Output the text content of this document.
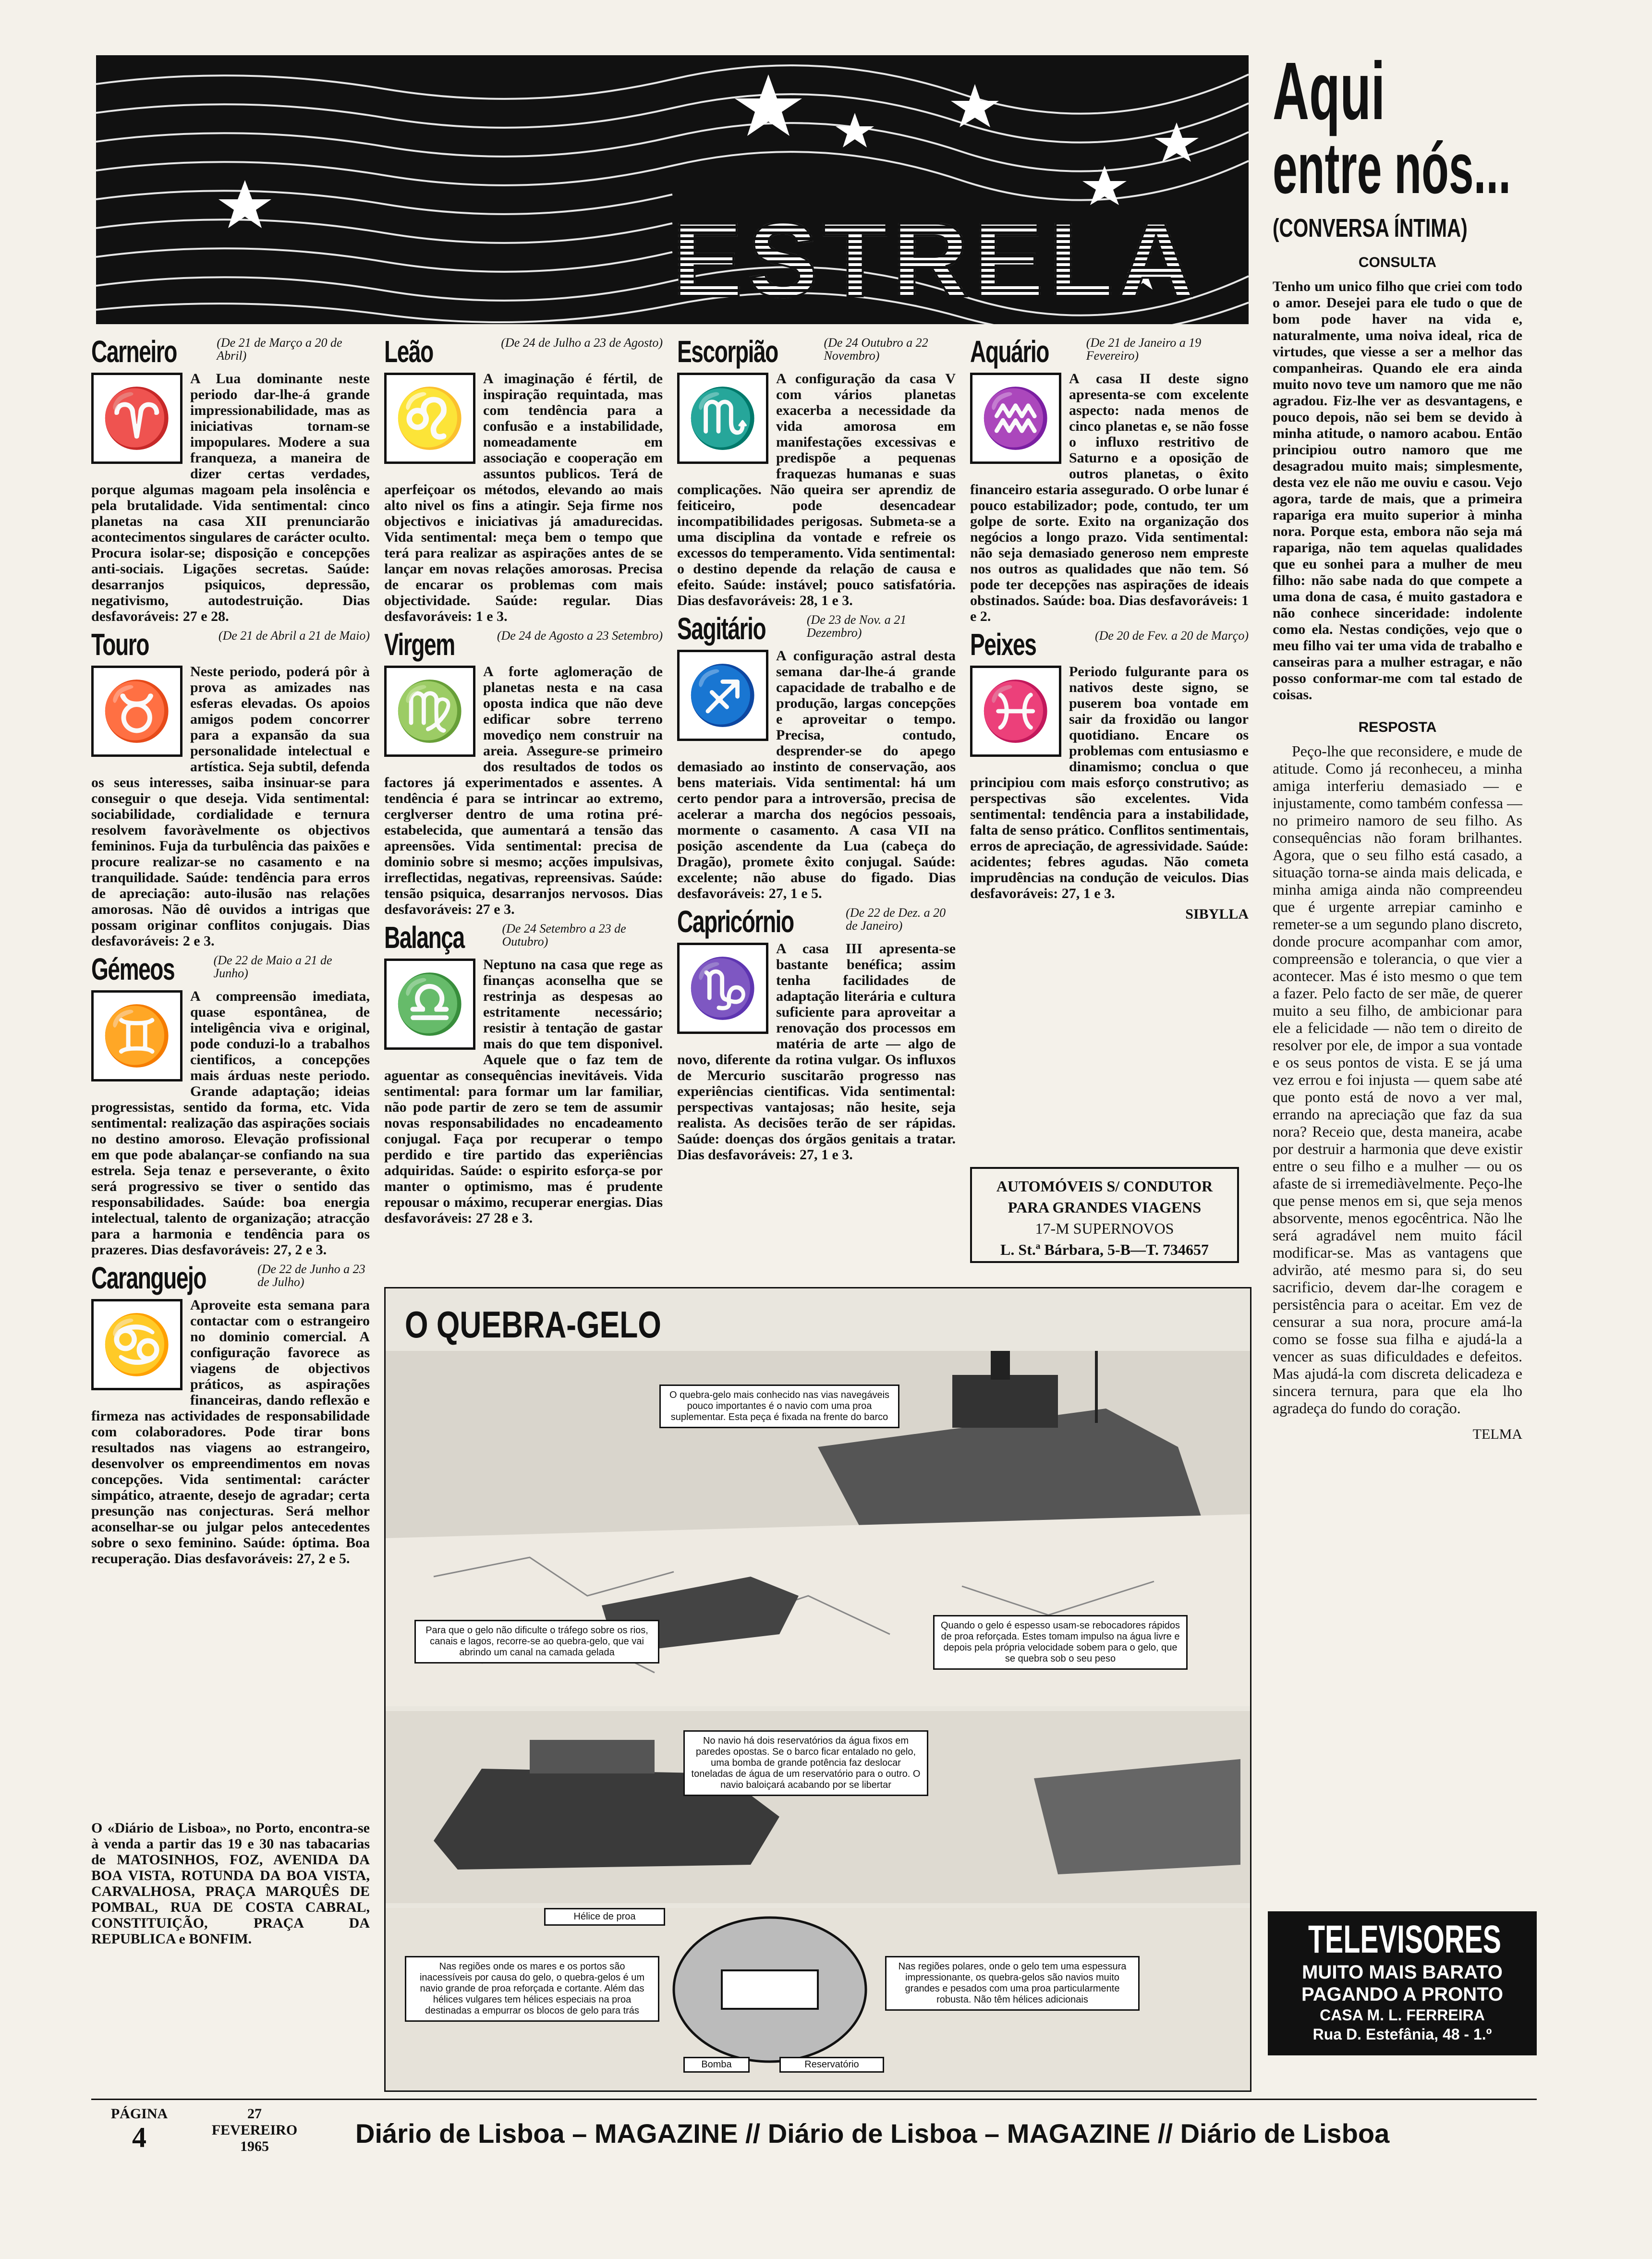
ESTRELA
Aqui
entre nós...
(CONVERSA ÍNTIMA)
CONSULTA
Tenho um unico filho que criei com todo o amor. Desejei para ele tudo o que de bom pode haver na vida e, naturalmente, uma noiva ideal, rica de virtudes, que viesse a ser a melhor das companheiras. Quando ele era ainda muito novo teve um namoro que me não agradou. Fiz-lhe ver as desvantagens, e pouco depois, não sei bem se devido à minha atitude, o namoro acabou. Então principiou outro namoro que me desagradou muito mais; simplesmente, desta vez ele não me ouviu e casou. Vejo agora, tarde de mais, que a primeira rapariga era muito superior à minha nora. Porque esta, embora não seja má rapariga, não tem aquelas qualidades que eu sonhei para a mulher de meu filho: não sabe nada do que compete a uma dona de casa, é muito gastadora e não conhece sinceridade: indolente como ela. Nestas condições, vejo que o meu filho vai ter uma vida de trabalho e canseiras para a mulher estragar, e não posso conformar-me com tal estado de coisas.
RESPOSTA
Peço-lhe que reconsidere, e mude de atitude. Como já reconheceu, a minha amiga interferiu demasiado — e injustamente, como também confessa — no primeiro namoro de seu filho. As consequências não foram brilhantes. Agora, que o seu filho está casado, a situação torna-se ainda mais delicada, e minha amiga ainda não compreendeu que é urgente arrepiar caminho e remeter-se a um segundo plano discreto, donde procure acompanhar com amor, compreensão e tolerancia, o que vier a acontecer. Mas é isto mesmo o que tem a fazer. Pelo facto de ser mãe, de querer muito a seu filho, de ambicionar para ele a felicidade — não tem o direito de resolver por ele, de impor a sua vontade e os seus pontos de vista. E se já uma vez errou e foi injusta — quem sabe até que ponto está de novo a ver mal, errando na apreciação que faz da sua nora? Receio que, desta maneira, acabe por destruir a harmonia que deve existir entre o seu filho e a mulher — ou os afaste de si irremediàvelmente. Peço-lhe que pense menos em si, que seja menos absorvente, menos egocêntrica. Não lhe será agradável nem muito fácil modificar-se. Mas as vantagens que advirão, até mesmo para si, do seu sacrificio, devem dar-lhe coragem e persistência para o aceitar. Em vez de censurar a sua nora, procure amá-la como se fosse sua filha e ajudá-la a vencer as suas dificuldades e defeitos. Mas ajudá-la com discreta delicadeza e sincera ternura, para que ela lho agradeça do fundo do coração.
TELMA
Carneiro	(De 21 de Março a 20 de Abril)
♈
A Lua dominante neste periodo dar-lhe-á grande impressionabilidade, mas as iniciativas tornam-se impopulares. Modere a sua franqueza, a maneira de dizer certas verdades, porque algumas magoam pela insolência e pela brutalidade. Vida sentimental: cinco planetas na casa XII prenunciarão acontecimentos singulares de carácter oculto. Procura isolar-se; disposição e concepções anti-sociais. Ligações secretas. Saúde: desarranjos psiquicos, depressão, negativismo, autodestruição. Dias desfavoráveis: 27 e 28.
Touro	(De 21 de Abril a 21 de Maio)
♉
Neste periodo, poderá pôr à prova as amizades nas esferas elevadas. Os apoios amigos podem concorrer para a expansão da sua personalidade intelectual e artística. Seja subtil, defenda os seus interesses, saiba insinuar-se para conseguir o que deseja. Vida sentimental: sociabilidade, cordialidade e ternura resolvem favoràvelmente os objectivos femininos. Fuja da turbulência das paixões e procure realizar-se no casamento e na tranquilidade. Saúde: tendência para erros de apreciação: auto-ilusão nas relações amorosas. Não dê ouvidos a intrigas que possam originar conflitos conjugais. Dias desfavoráveis: 2 e 3.
Gémeos	(De 22 de Maio a 21 de Junho)
♊
A compreensão imediata, quase espontânea, de inteligência viva e original, pode conduzi-lo a trabalhos cientificos, a concepções mais árduas neste periodo. Grande adaptação; ideias progressistas, sentido da forma, etc. Vida sentimental: realização das aspirações sociais no destino amoroso. Elevação profissional em que pode abalançar-se confiando na sua estrela. Seja tenaz e perseverante, o êxito será progressivo se tiver o sentido das responsabilidades. Saúde: boa energia intelectual, talento de organização; atracção para a harmonia e tendência para os prazeres. Dias desfavoráveis: 27, 2 e 3.
Caranguejo	(De 22 de Junho a 23 de Julho)
♋
Aproveite esta semana para contactar com o estrangeiro no dominio comercial. A configuração favorece as viagens de objectivos práticos, as aspirações financeiras, dando reflexão e firmeza nas actividades de responsabilidade com colaboradores. Pode tirar bons resultados nas viagens ao estrangeiro, desenvolver os empreendimentos em novas concepções. Vida sentimental: carácter simpático, atraente, desejo de agradar; certa presunção nas conjecturas. Será melhor aconselhar-se ou julgar pelos antecedentes sobre o sexo feminino. Saúde: óptima. Boa recuperação. Dias desfavoráveis: 27, 2 e 5.
Leão	(De 24 de Julho a 23 de Agosto)
♌
A imaginação é fértil, de inspiração requintada, mas com tendência para a confusão e a instabilidade, nomeadamente em associação e cooperação em assuntos publicos. Terá de aperfeiçoar os métodos, elevando ao mais alto nivel os fins a atingir. Seja firme nos objectivos e iniciativas já amadurecidas. Vida sentimental: meça bem o tempo que terá para realizar as aspirações antes de se lançar em novas relações amorosas. Precisa de encarar os problemas com mais objectividade. Saúde: regular. Dias desfavoráveis: 1 e 3.
Virgem	(De 24 de Agosto a 23 Setembro)
♍
A forte aglomeração de planetas nesta e na casa oposta indica que não deve edificar sobre terreno movediço nem construir na areia. Assegure-se primeiro dos resultados de todos os factores já experimentados e assentes. A tendência é para se intrincar ao extremo, cerglverser dentro de uma rotina pré-estabelecida, que aumentará a tensão das apreensões. Vida sentimental: precisa de dominio sobre si mesmo; acções impulsivas, irreflectidas, negativas, repreensivas. Saúde: tensão psiquica, desarranjos nervosos. Dias desfavoráveis: 27 e 3.
Balança	(De 24 Setembro a 23 de Outubro)
♎
Neptuno na casa que rege as finanças aconselha que se restrinja as despesas ao estritamente necessário; resistir à tentação de gastar mais do que tem disponivel. Aquele que o faz tem de aguentar as consequências inevitáveis. Vida sentimental: para formar um lar familiar, não pode partir de zero se tem de assumir novas responsabilidades no encadeamento conjugal. Faça por recuperar o tempo perdido e tire partido das experiências adquiridas. Saúde: o espirito esforça-se por manter o optimismo, mas é prudente repousar o máximo, recuperar energias. Dias desfavoráveis: 27 28 e 3.
Escorpião	(De 24 Outubro a 22 Novembro)
♏
A configuração da casa V com vários planetas exacerba a necessidade da vida amorosa em manifestações excessivas e predispõe a pequenas fraquezas humanas e suas complicações. Não queira ser aprendiz de feiticeiro, pode desencadear incompatibilidades perigosas. Submeta-se a uma disciplina da vontade e refreie os excessos do temperamento. Vida sentimental: o destino depende da relação de causa e efeito. Saúde: instável; pouco satisfatória. Dias desfavoráveis: 28, 1 e 3.
Sagitário	(De 23 de Nov. a 21 Dezembro)
♐
A configuração astral desta semana dar-lhe-á grande capacidade de trabalho e de produção, largas concepções e aproveitar o tempo. Precisa, contudo, desprender-se do apego demasiado ao instinto de conservação, aos bens materiais. Vida sentimental: há um certo pendor para a introversão, precisa de acelerar a marcha dos negócios pessoais, mormente o casamento. A casa VII na posição ascendente da Lua (cabeça do Dragão), promete êxito conjugal. Saúde: excelente; não abuse do figado. Dias desfavoráveis: 27, 1 e 5.
Capricórnio	(De 22 de Dez. a 20 de Janeiro)
♑
A casa III apresenta-se bastante benéfica; assim tenha facilidades de adaptação literária e cultura suficiente para aproveitar a renovação dos processos em matéria de arte — algo de novo, diferente da rotina vulgar. Os influxos de Mercurio suscitarão progresso nas experiências cientificas. Vida sentimental: perspectivas vantajosas; não hesite, seja realista. As decisões terão de ser rápidas. Saúde: doenças dos órgãos genitais a tratar. Dias desfavoráveis: 27, 1 e 3.
Aquário	(De 21 de Janeiro a 19 Fevereiro)
♒
A casa II deste signo apresenta-se com excelente aspecto: nada menos de cinco planetas e, se não fosse o influxo restritivo de Saturno e a oposição de outros planetas, o êxito financeiro estaria assegurado. O orbe lunar é pouco estabilizador; pode, contudo, ter um golpe de sorte. Exito na organização dos negócios a longo prazo. Vida sentimental: não seja demasiado generoso nem empreste nos outros as qualidades que não tem. Só pode ter decepções nas aspirações de ideais obstinados. Saúde: boa. Dias desfavoráveis: 1 e 2.
Peixes	(De 20 de Fev. a 20 de Março)
♓
Periodo fulgurante para os nativos deste signo, se puserem boa vontade em sair da froxidão ou langor quotidiano. Encare os problemas com entusiasmo e dinamismo; conclua o que principiou com mais esforço construtivo; as perspectivas são excelentes. Vida sentimental: tendência para a instabilidade, falta de senso prático. Conflitos sentimentais, erros de apreciação, de agressividade. Saúde: acidentes; febres agudas. Não cometa imprudências na condução de veiculos. Dias desfavoráveis: 27, 1 e 3.
SIBYLLA
AUTOMÓVEIS S/ CONDUTOR
PARA GRANDES VIAGENS
17-M SUPERNOVOS
L. St.ª Bárbara, 5-B—T. 734657
O «Diário de Lisboa», no Porto, encontra-se à venda a partir das 19 e 30 nas tabacarias de MATOSINHOS, FOZ, AVENIDA DA BOA VISTA, ROTUNDA DA BOA VISTA, CARVALHOSA, PRAÇA MARQUÊS DE POMBAL, RUA DE COSTA CABRAL, CONSTITUIÇÃO, PRAÇA DA REPUBLICA e BONFIM.
O QUEBRA-GELO
O quebra-gelo mais conhecido nas vias navegáveis pouco importantes é o navio com uma proa suplementar. Esta peça é fixada na frente do barco
Para que o gelo não dificulte o tráfego sobre os rios, canais e lagos, recorre-se ao quebra-gelo, que vai abrindo um canal na camada gelada
Quando o gelo é espesso usam-se rebocadores rápidos de proa reforçada. Estes tomam impulso na água livre e depois pela própria velocidade sobem para o gelo, que se quebra sob o seu peso
No navio há dois reservatórios da água fixos em paredes opostas. Se o barco ficar entalado no gelo, uma bomba de grande potência faz deslocar toneladas de água de um reservatório para o outro. O navio baloiçará acabando por se libertar
Hélice de proa
Nas regiões onde os mares e os portos são inacessíveis por causa do gelo, o quebra-gelos é um navio grande de proa reforçada e cortante. Além das hélices vulgares tem hélices especiais na proa destinadas a empurrar os blocos de gelo para trás
Nas regiões polares, onde o gelo tem uma espessura impressionante, os quebra-gelos são navios muito grandes e pesados com uma proa particularmente robusta. Não têm hélices adicionais
Bomba	Reservatório
TELEVISORES
MUITO MAIS BARATO
PAGANDO A PRONTO
CASA M. L. FERREIRA
Rua D. Estefânia, 48 - 1.º
PÁGINA
4
27
FEVEREIRO
1965	Diário de Lisboa – MAGAZINE // Diário de Lisboa – MAGAZINE // Diário de Lisboa
